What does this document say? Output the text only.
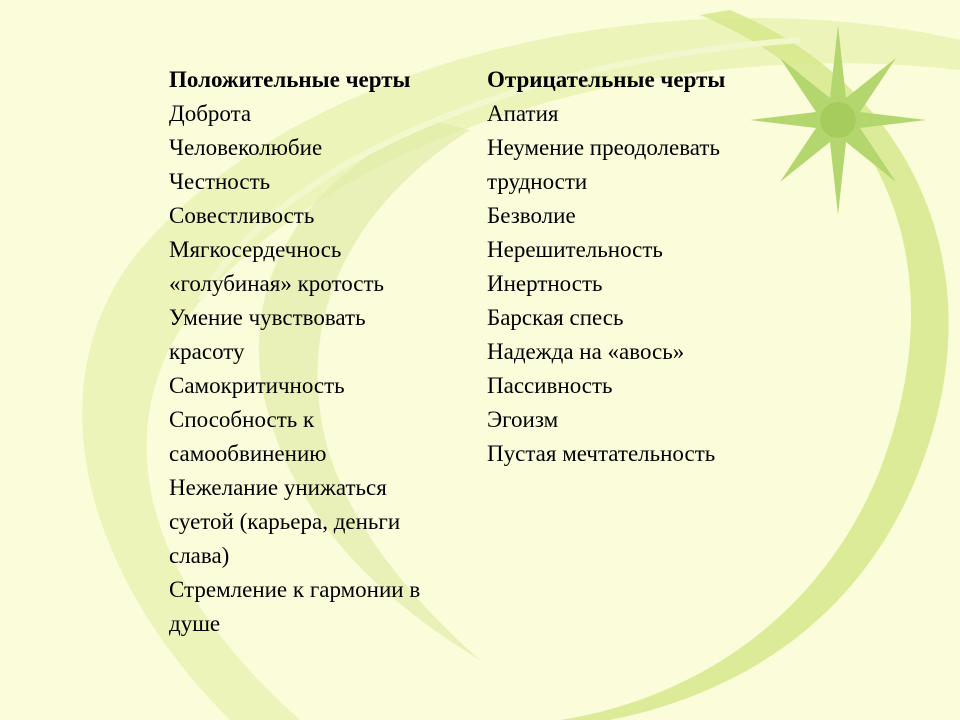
Положительные черты
Доброта
Человеколюбие
Честность
Совестливость
Мягкосердечнось
«голубиная» кротость
Умение чувствовать
красоту
Самокритичность
Способность к
самообвинению
Нежелание унижаться
суетой (карьера, деньги
слава)
Стремление к гармонии в
душе
Отрицательные черты
Апатия
Неумение преодолевать
трудности
Безволие
Нерешительность
Инертность
Барская спесь
Надежда на «авось»
Пассивность
Эгоизм
Пустая мечтательность
